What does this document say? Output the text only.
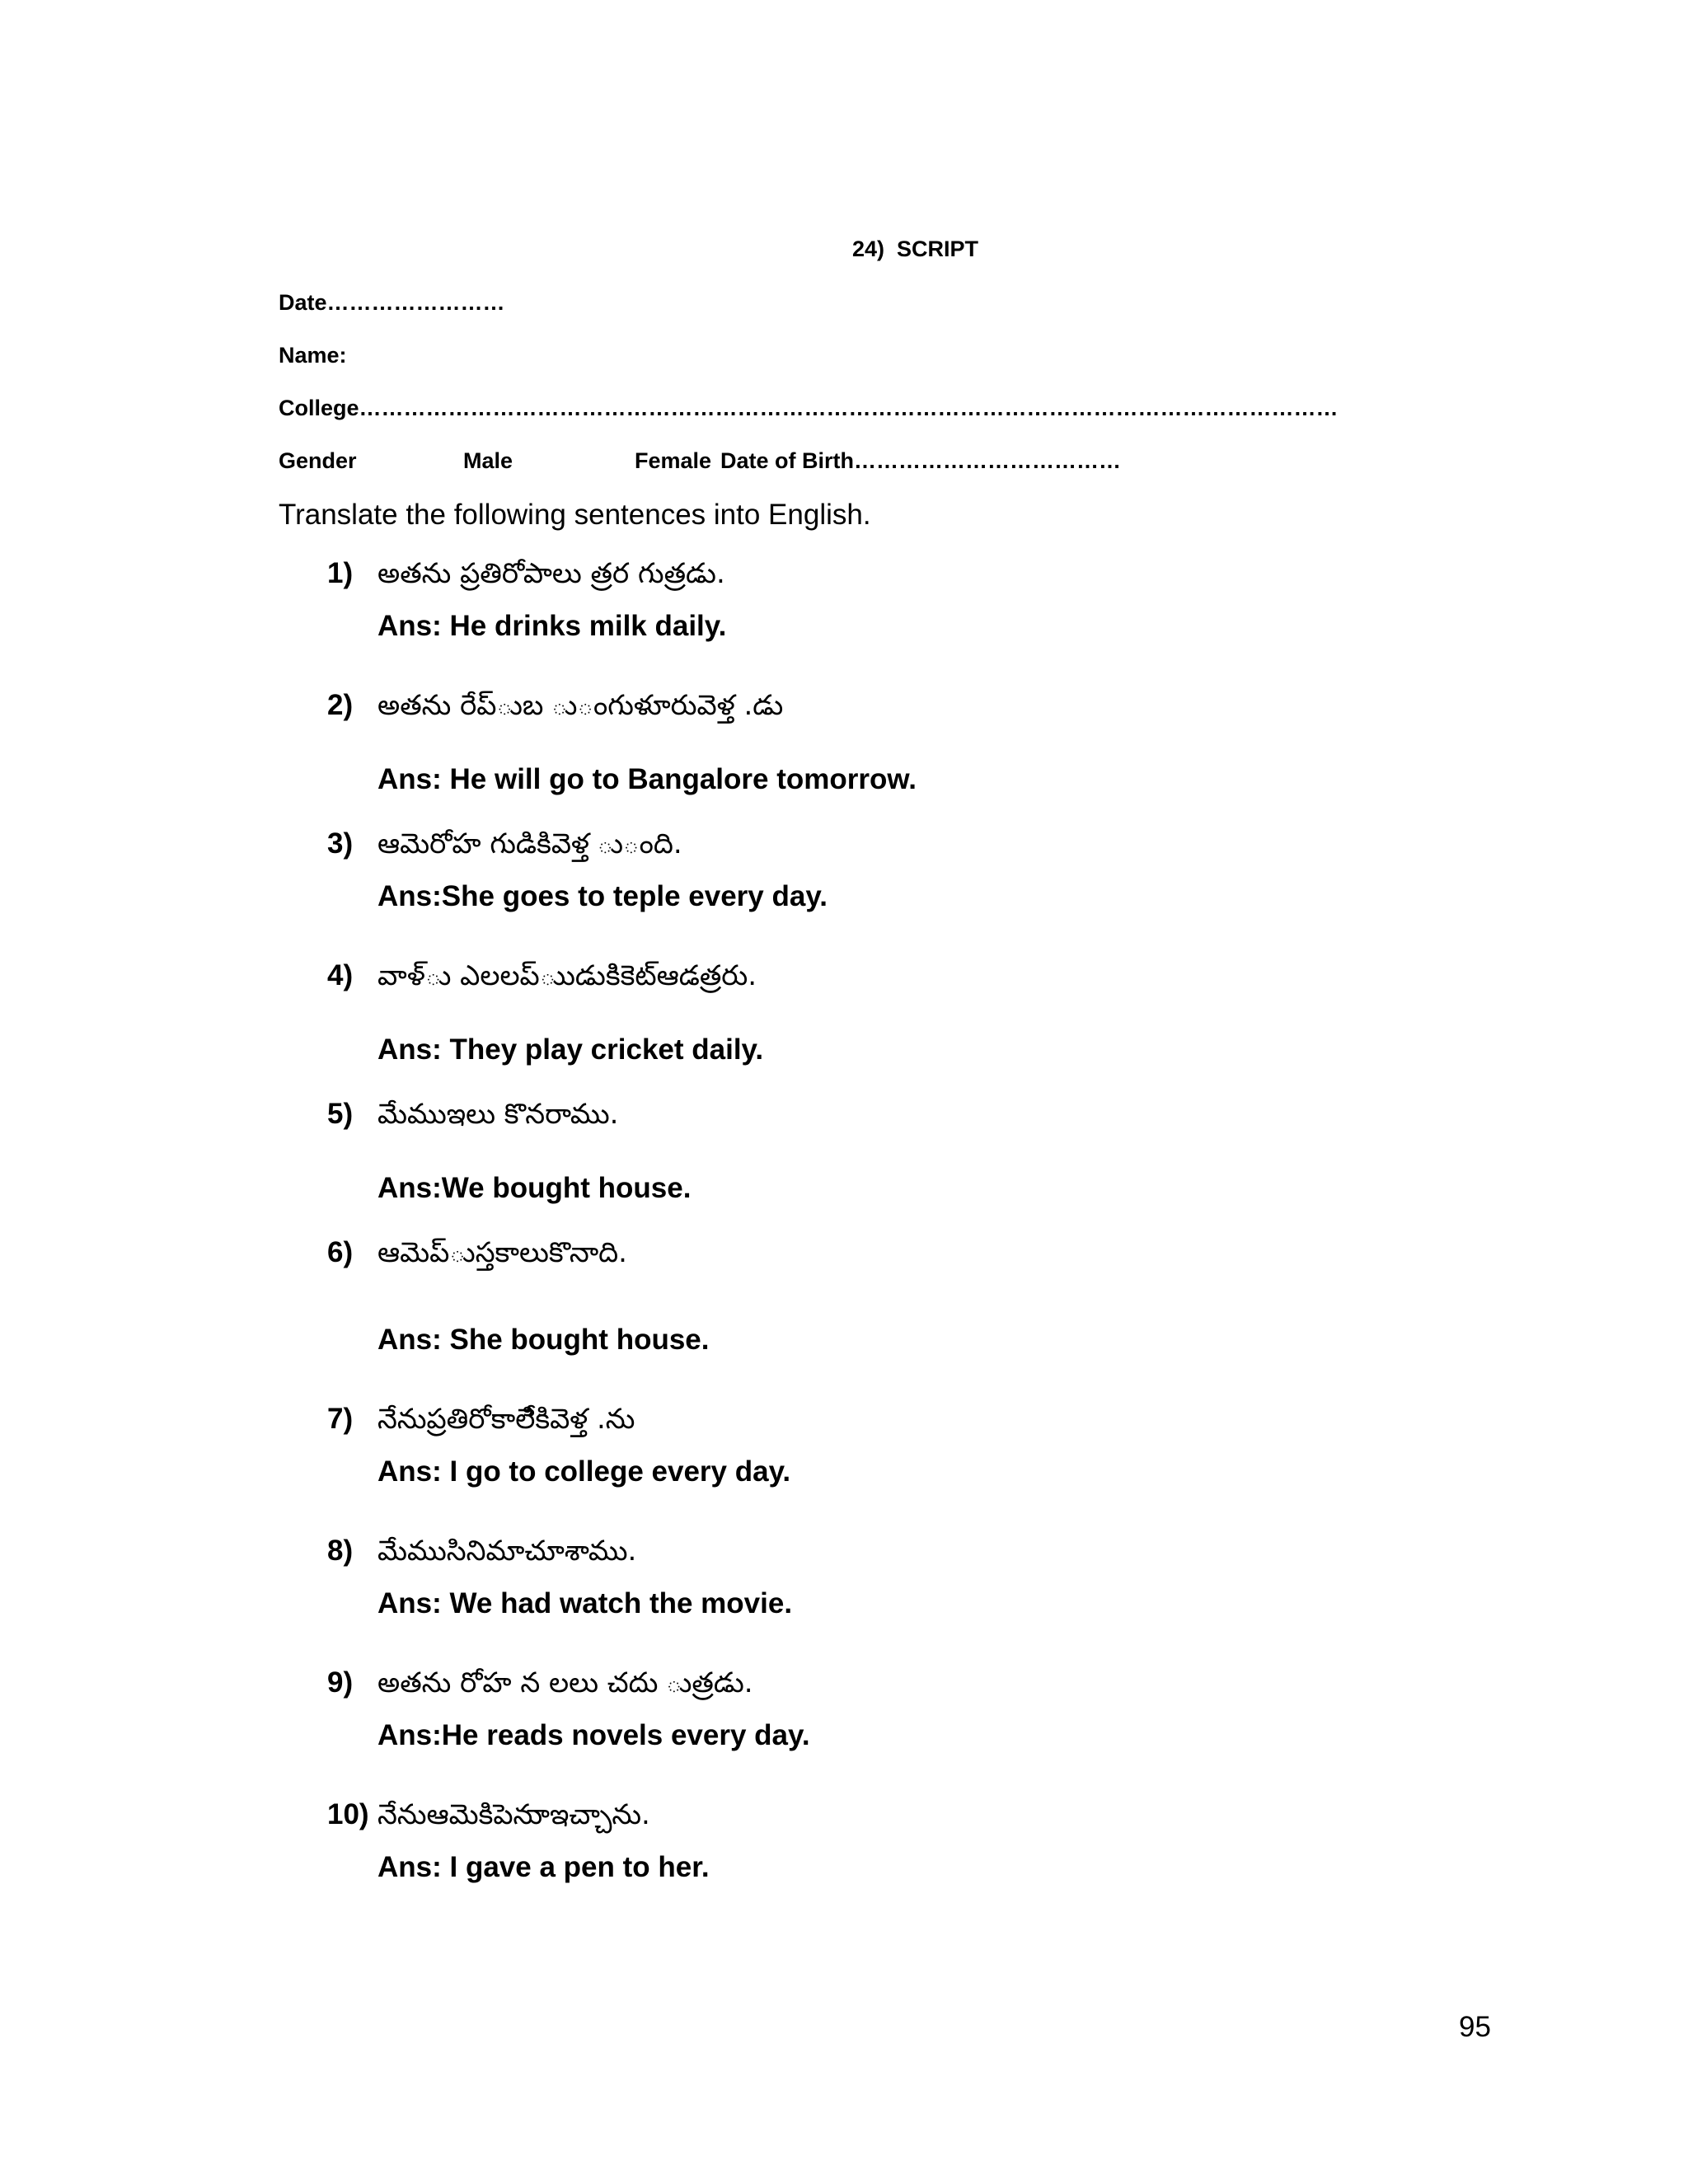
24)  SCRIPT
Date……………………
Name:
College……………………………………………………………………………………………………………………
Gender	Male	Female Date of Birth………………………………
Translate the following sentences into English.
1) అతను ప్రతిరోపాలు త్రర గుత్రడు.
Ans: He drinks milk daily.
2) అతను రేప్ుబ ు◌ంగుళూరువెళ్త .డు
Ans: He will go to Bangalore tomorrow.
3) ఆమెరోహ గుడికివెళ్త ు◌ంది.
Ans:She goes to teple every day.
4) వాళ్ు ఎలలప్ుుడుకిికెట్ఆడత్రరు.
Ans: They play cricket daily.
5) మేముఇలు కొనరాము.
Ans:We bought house.
6) ఆమెప్ుస్తకాలుకొనాది.
Ans: She bought house.
7) నేనుప్రతిరోకాలేికివెళ్త .ను
Ans: I go to college every day.
8) మేముసినిమాచూశాము.
Ans: We had watch the movie.
9) అతను రోహ న లలు చదు ుత్రడు.
Ans:He reads novels every day.
10) నేనుఆమెకిపెనుాఇచ్చాను.
Ans: I gave a pen to her.
95
